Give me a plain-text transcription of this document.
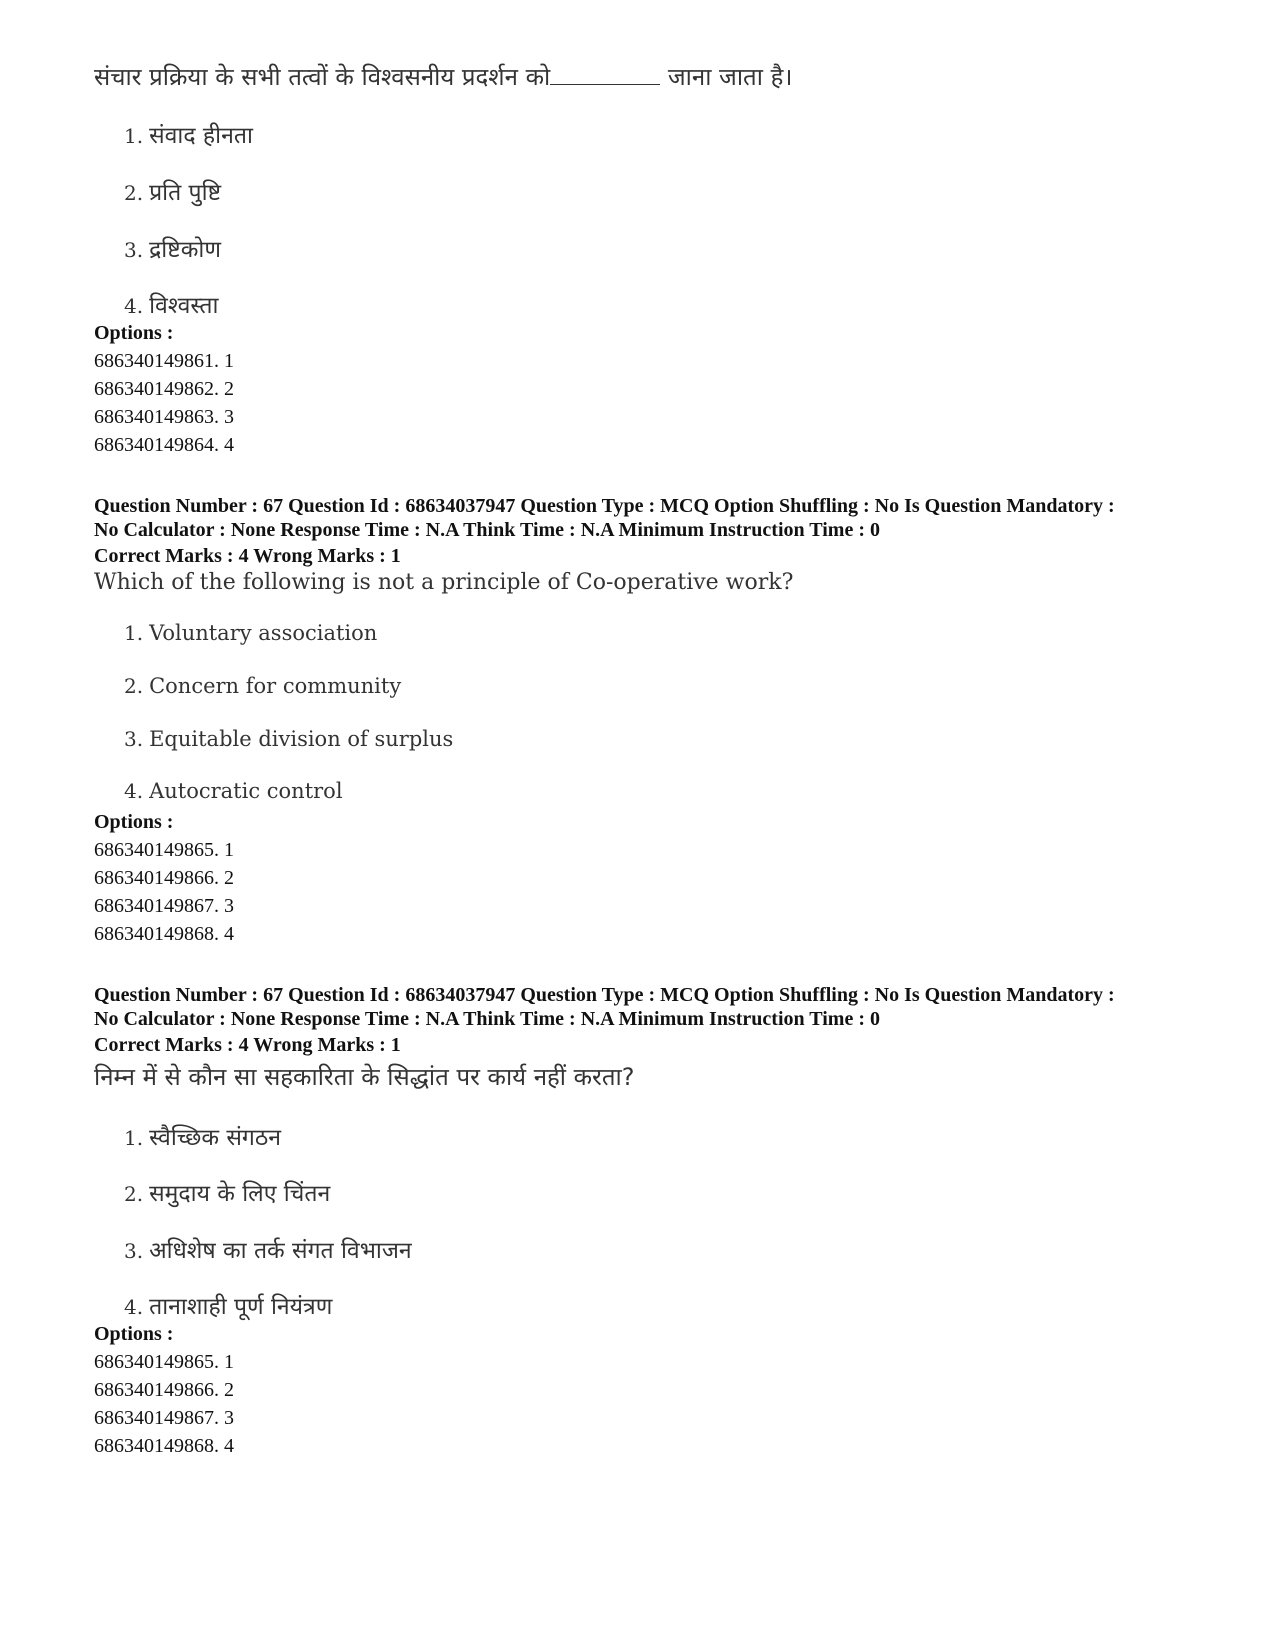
संचार प्रक्रिया के सभी तत्वों के विश्वसनीय प्रदर्शन को	जाना जाता है।
1. संवाद हीनता
2. प्रति पुष्टि
3. द्रष्टिकोण
4. विश्वस्ता
Options :
686340149861. 1
686340149862. 2
686340149863. 3
686340149864. 4
Question Number : 67 Question Id : 68634037947 Question Type : MCQ Option Shuffling : No Is Question Mandatory :
No Calculator : None Response Time : N.A Think Time : N.A Minimum Instruction Time : 0
Correct Marks : 4 Wrong Marks : 1
Which of the following is not a principle of Co-operative work?
1. Voluntary association
2. Concern for community
3. Equitable division of surplus
4. Autocratic control
Options :
686340149865. 1
686340149866. 2
686340149867. 3
686340149868. 4
Question Number : 67 Question Id : 68634037947 Question Type : MCQ Option Shuffling : No Is Question Mandatory :
No Calculator : None Response Time : N.A Think Time : N.A Minimum Instruction Time : 0
Correct Marks : 4 Wrong Marks : 1
निम्न में से कौन सा सहकारिता के सिद्धांत पर कार्य नहीं करता?
1. स्वैच्छिक संगठन
2. समुदाय के लिए चिंतन
3. अधिशेष का तर्क संगत विभाजन
4. तानाशाही पूर्ण नियंत्रण
Options :
686340149865. 1
686340149866. 2
686340149867. 3
686340149868. 4
